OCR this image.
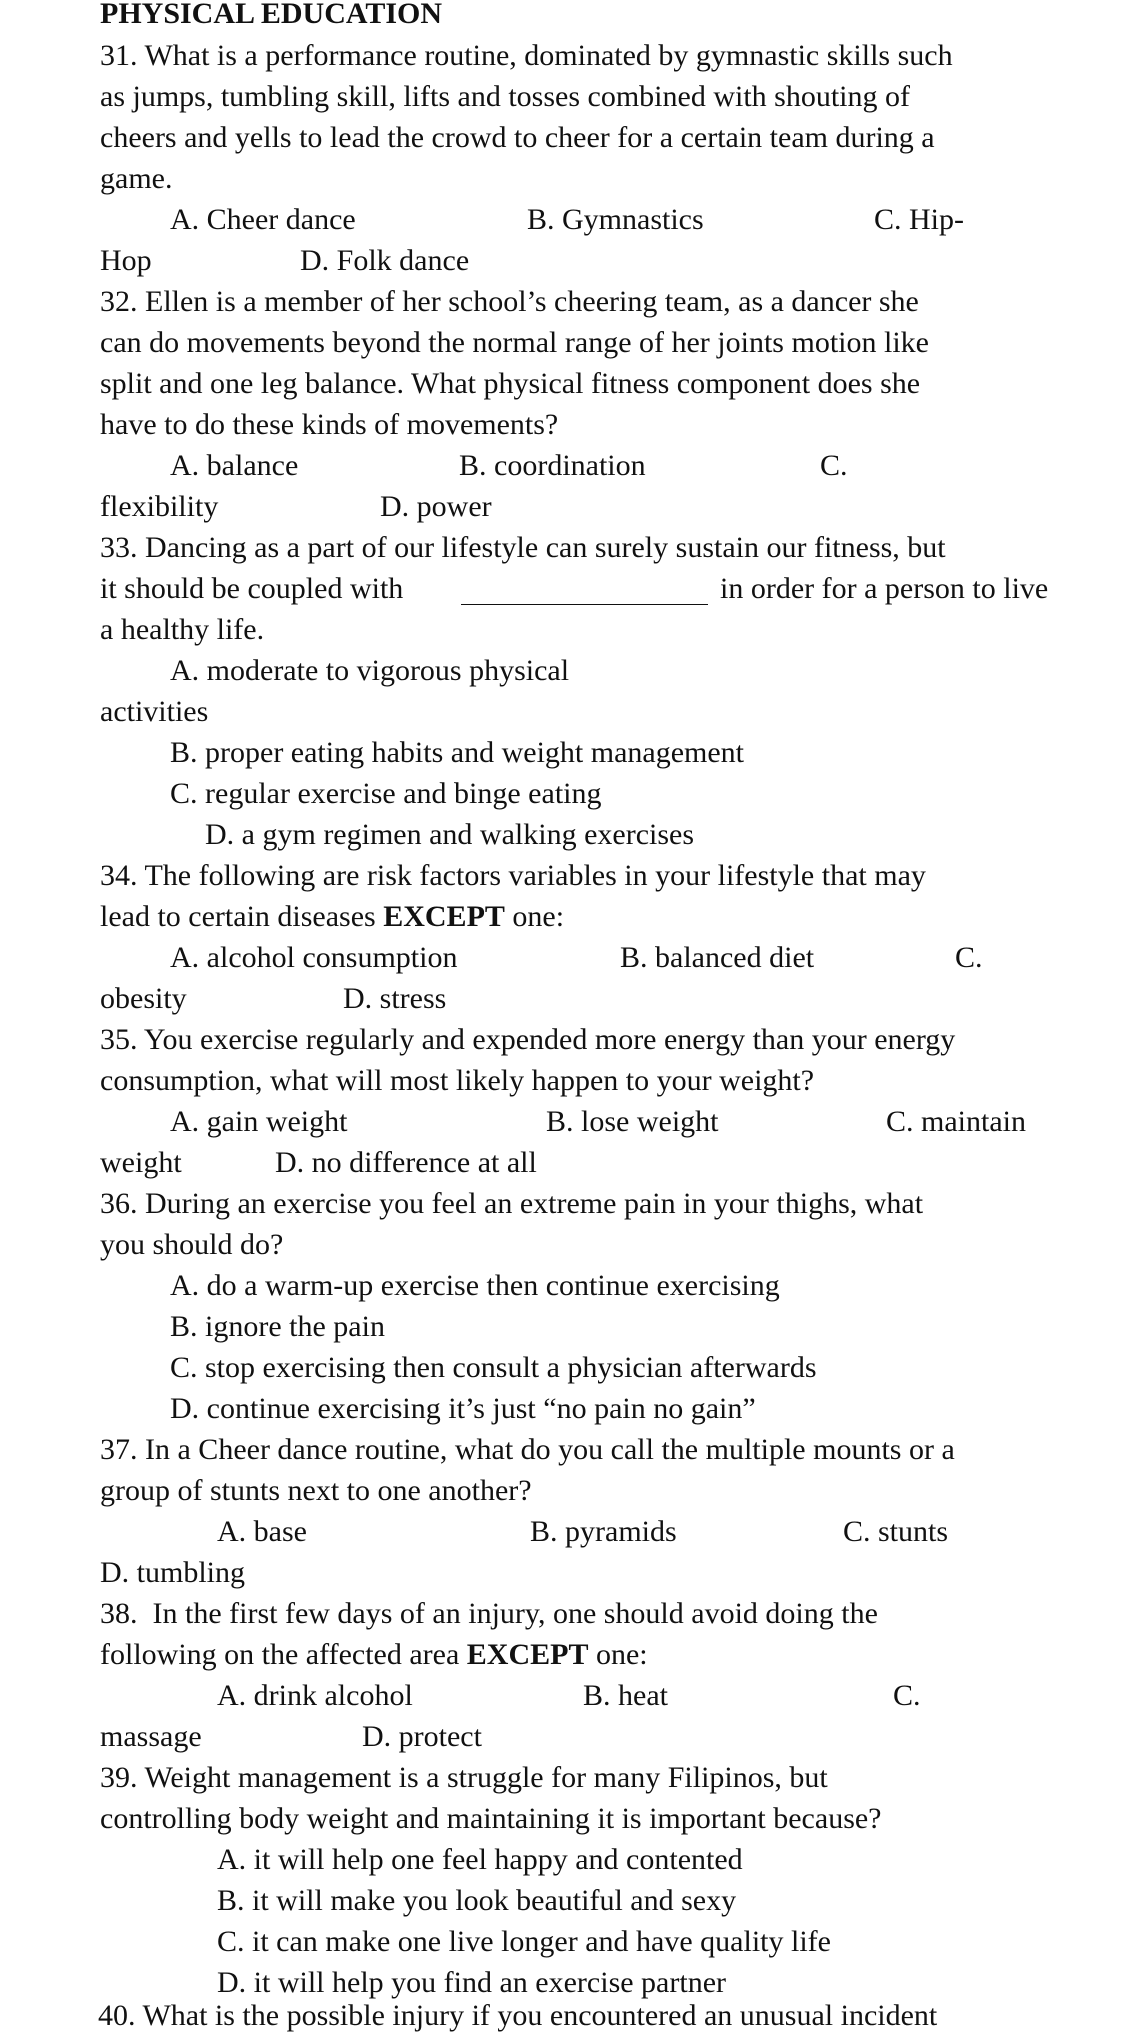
PHYSICAL EDUCATION
31. What is a performance routine, dominated by gymnastic skills such
as jumps, tumbling skill, lifts and tosses combined with shouting of
cheers and yells to lead the crowd to cheer for a certain team during a
game.
A. Cheer dance	B. Gymnastics	C. Hip-
Hop	D. Folk dance
32. Ellen is a member of her school’s cheering team, as a dancer she
can do movements beyond the normal range of her joints motion like
split and one leg balance. What physical fitness component does she
have to do these kinds of movements?
A. balance	B. coordination	C.
flexibility	D. power
33. Dancing as a part of our lifestyle can surely sustain our fitness, but
it should be coupled with	in order for a person to live
a healthy life.
A. moderate to vigorous physical
activities
B. proper eating habits and weight management
C. regular exercise and binge eating
D. a gym regimen and walking exercises
34. The following are risk factors variables in your lifestyle that may
lead to certain diseases EXCEPT one:
A. alcohol consumption	B. balanced diet	C.
obesity	D. stress
35. You exercise regularly and expended more energy than your energy
consumption, what will most likely happen to your weight?
A. gain weight	B. lose weight	C. maintain
weight	D. no difference at all
36. During an exercise you feel an extreme pain in your thighs, what
you should do?
A. do a warm-up exercise then continue exercising
B. ignore the pain
C. stop exercising then consult a physician afterwards
D. continue exercising it’s just “no pain no gain”
37. In a Cheer dance routine, what do you call the multiple mounts or a
group of stunts next to one another?
A. base	B. pyramids	C. stunts
D. tumbling
38.  In the first few days of an injury, one should avoid doing the
following on the affected area EXCEPT one:
A. drink alcohol	B. heat	C.
massage	D. protect
39. Weight management is a struggle for many Filipinos, but
controlling body weight and maintaining it is important because?
A. it will help one feel happy and contented
B. it will make you look beautiful and sexy
C. it can make one live longer and have quality life
D. it will help you find an exercise partner
40. What is the possible injury if you encountered an unusual incident
